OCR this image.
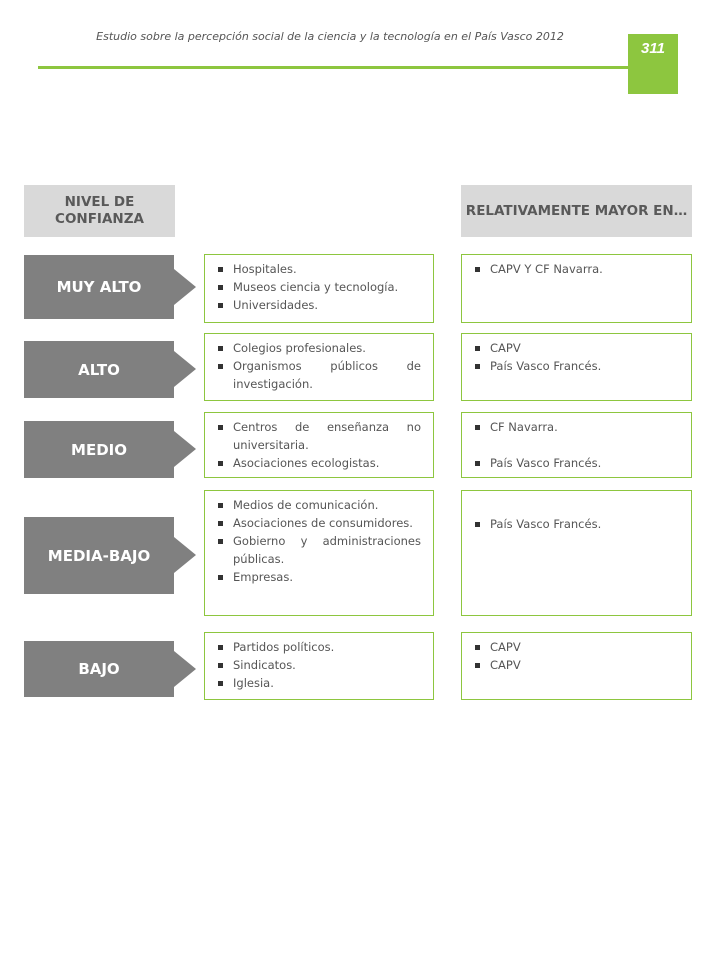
Estudio sobre la percepción social de la ciencia y la tecnología en el País Vasco 2012
311
NIVEL DE CONFIANZA
RELATIVAMENTE MAYOR EN…
MUY ALTO
Hospitales.
Museos ciencia y tecnología.
Universidades.
CAPV Y CF Navarra.
ALTO
Colegios profesionales.
Organismos públicos de investigación.
CAPV
País Vasco Francés.
MEDIO
Centros de enseñanza no universitaria.
Asociaciones ecologistas.
CF Navarra.
País Vasco Francés.
MEDIA-BAJO
Medios de comunicación.
Asociaciones de consumidores.
Gobierno y administraciones públicas.
Empresas.
País Vasco Francés.
BAJO
Partidos políticos.
Sindicatos.
Iglesia.
CAPV
CAPV
